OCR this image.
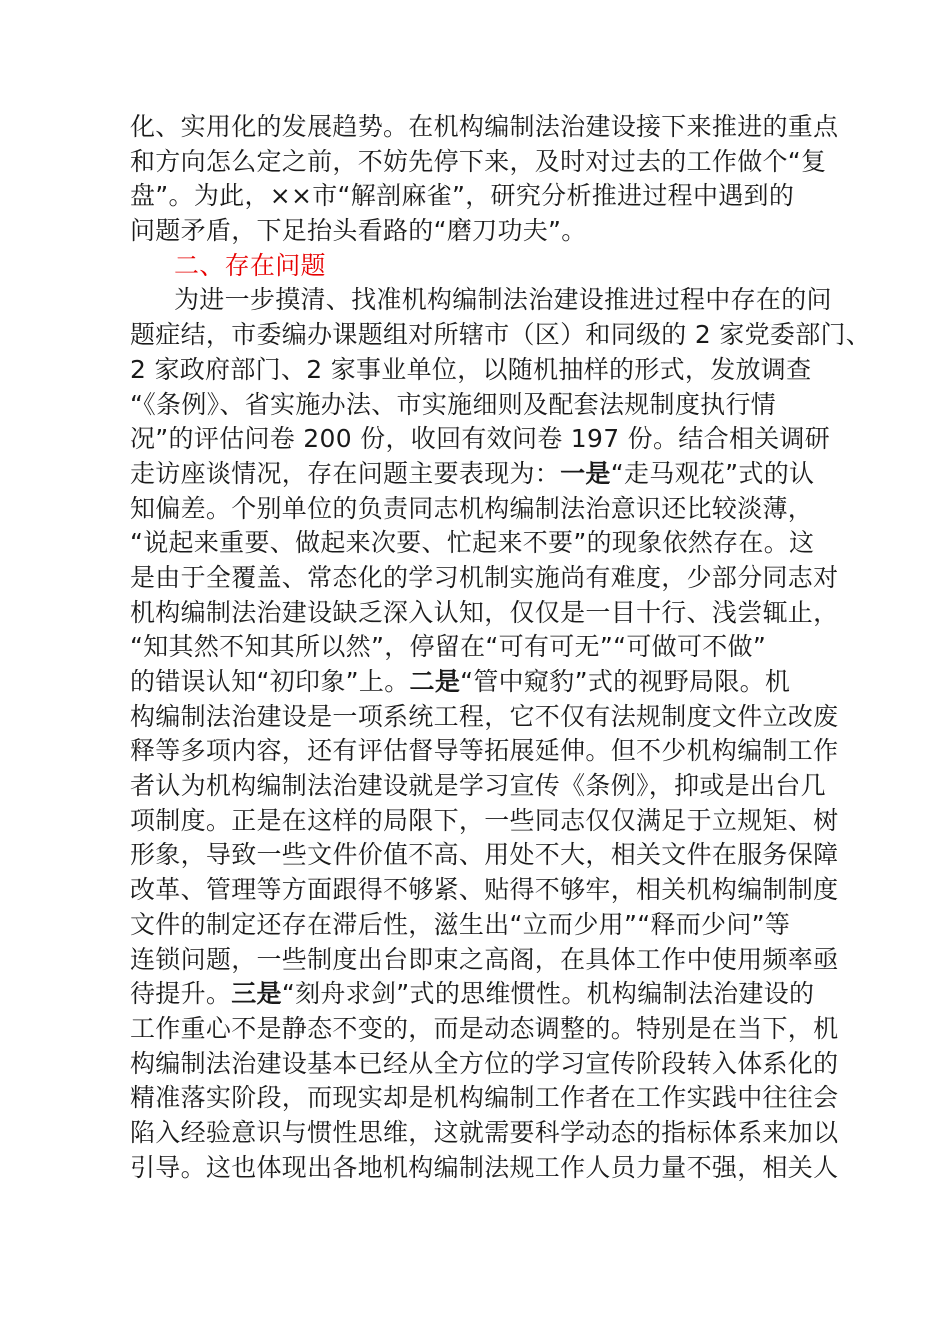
化、实用化的发展趋势。在机构编制法治建设接下来推进的重点
和方向怎么定之前，不妨先停下来，及时对过去的工作做个“复
盘”。为此，××市“解剖麻雀”，研究分析推进过程中遇到的
问题矛盾，下足抬头看路的“磨刀功夫”。
二、存在问题
为进一步摸清、找准机构编制法治建设推进过程中存在的问
题症结，市委编办课题组对所辖市（区）和同级的 2 家党委部门、
2 家政府部门、2 家事业单位，以随机抽样的形式，发放调查
“《条例》、省实施办法、市实施细则及配套法规制度执行情
况”的评估问卷 200 份，收回有效问卷 197 份。结合相关调研
走访座谈情况，存在问题主要表现为：一是“走马观花”式的认
知偏差。个别单位的负责同志机构编制法治意识还比较淡薄，
“说起来重要、做起来次要、忙起来不要”的现象依然存在。这
是由于全覆盖、常态化的学习机制实施尚有难度，少部分同志对
机构编制法治建设缺乏深入认知，仅仅是一目十行、浅尝辄止，
“知其然不知其所以然”，停留在“可有可无”“可做可不做”
的错误认知“初印象”上。二是“管中窥豹”式的视野局限。机
构编制法治建设是一项系统工程，它不仅有法规制度文件立改废
释等多项内容，还有评估督导等拓展延伸。但不少机构编制工作
者认为机构编制法治建设就是学习宣传《条例》，抑或是出台几
项制度。正是在这样的局限下，一些同志仅仅满足于立规矩、树
形象，导致一些文件价值不高、用处不大，相关文件在服务保障
改革、管理等方面跟得不够紧、贴得不够牢，相关机构编制制度
文件的制定还存在滞后性，滋生出“立而少用”“释而少问”等
连锁问题，一些制度出台即束之高阁，在具体工作中使用频率亟
待提升。三是“刻舟求剑”式的思维惯性。机构编制法治建设的
工作重心不是静态不变的，而是动态调整的。特别是在当下，机
构编制法治建设基本已经从全方位的学习宣传阶段转入体系化的
精准落实阶段，而现实却是机构编制工作者在工作实践中往往会
陷入经验意识与惯性思维，这就需要科学动态的指标体系来加以
引导。这也体现出各地机构编制法规工作人员力量不强，相关人
